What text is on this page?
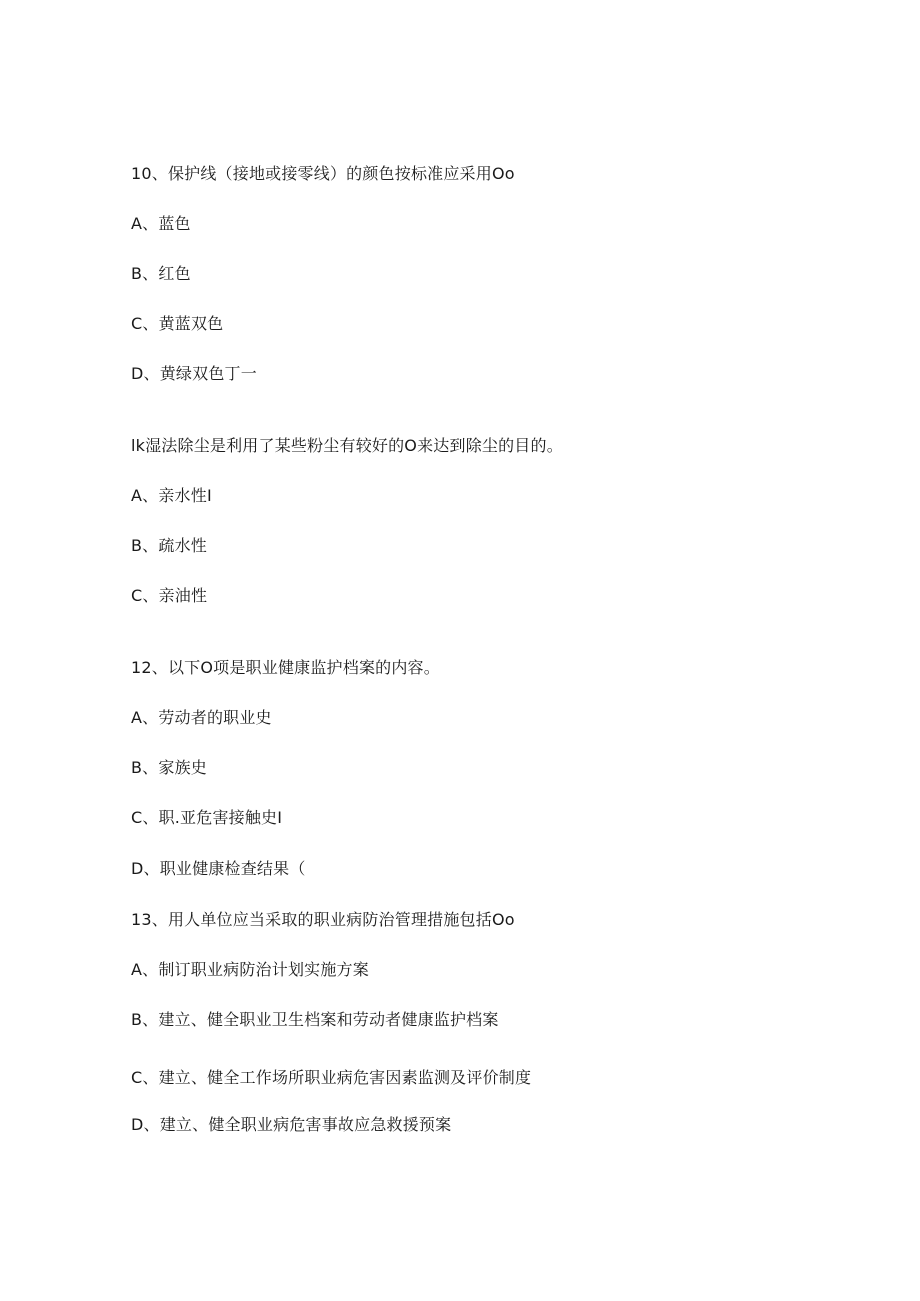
10、保护线（接地或接零线）的颜色按标准应采用Oo
A、蓝色
B、红色
C、黄蓝双色
D、黄绿双色丁一
lk湿法除尘是利用了某些粉尘有较好的O来达到除尘的目的。
A、亲水性I
B、疏水性
C、亲油性
12、以下O项是职业健康监护档案的内容。
A、劳动者的职业史
B、家族史
C、职.亚危害接触史I
D、职业健康检查结果（
13、用人单位应当采取的职业病防治管理措施包括Oo
A、制订职业病防治计划实施方案
B、建立、健全职业卫生档案和劳动者健康监护档案
C、建立、健全工作场所职业病危害因素监测及评价制度
D、建立、健全职业病危害事故应急救援预案
